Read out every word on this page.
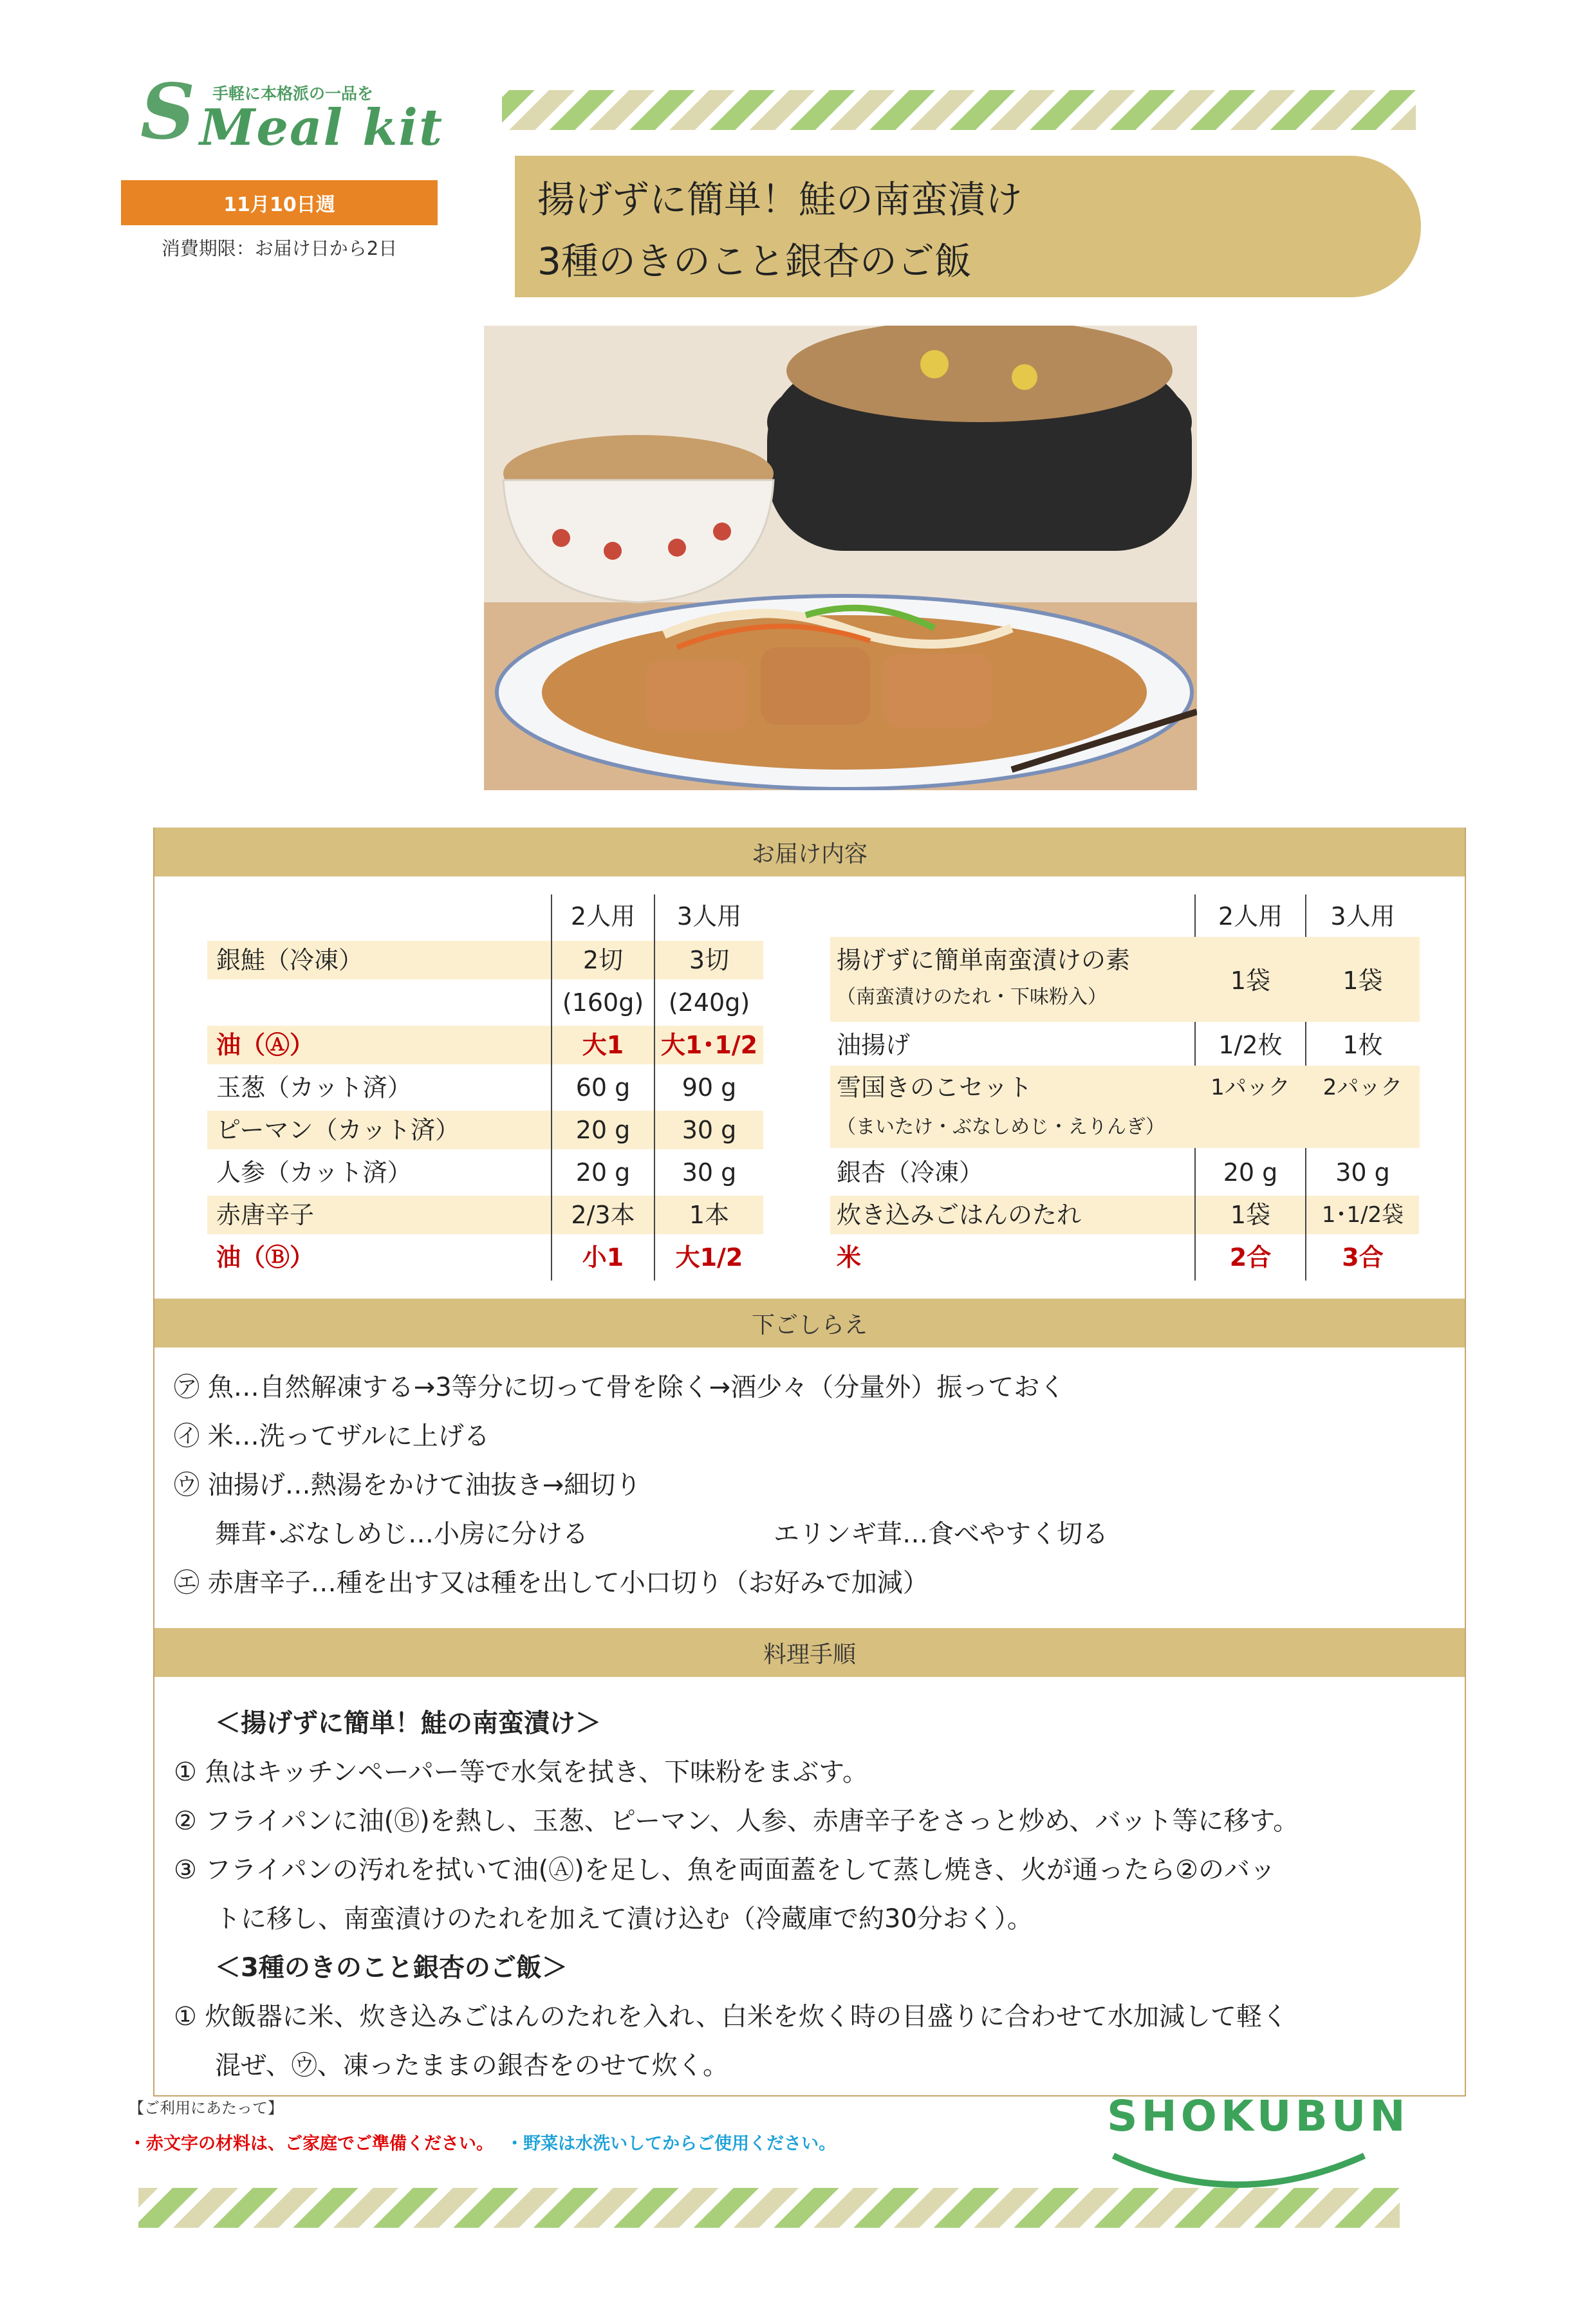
手軽に本格派の一品を
S Meal kit
11月10日週
消費期限：お届け日から2日
揚げずに簡単！鮭の南蛮漬け
3種のきのこと銀杏のご飯
お届け内容
2人用	3人用	2人用	3人用
銀鮭（冷凍）	2切	3切
(160g)	(240g)
油（Ⓐ）	大1	大1･1/2
玉葱（カット済）	60 g	90 g
ピーマン（カット済）	20 g	30 g
人参（カット済）	20 g	30 g
赤唐辛子	2/3本	1本
油（Ⓑ）	小1	大1/2
揚げずに簡単南蛮漬けの素
（南蛮漬けのたれ・下味粉入）
1袋	1袋
油揚げ	1/2枚	1枚
雪国きのこセット
（まいたけ・ぶなしめじ・えりんぎ）
1パック	2パック
銀杏（冷凍）	20 g	30 g
炊き込みごはんのたれ	1袋	1･1/2袋
米	2合	3合
下ごしらえ
㋐ 魚…自然解凍する→3等分に切って骨を除く→酒少々（分量外）振っておく
㋑ 米…洗ってザルに上げる
㋒ 油揚げ…熱湯をかけて油抜き→細切り
舞茸･ぶなしめじ…小房に分ける	エリンギ茸…食べやすく切る
㋓ 赤唐辛子…種を出す又は種を出して小口切り（お好みで加減）
料理手順
＜揚げずに簡単！鮭の南蛮漬け＞
① 魚はキッチンペーパー等で水気を拭き、下味粉をまぶす。
② フライパンに油(Ⓑ)を熱し、玉葱、ピーマン、人参、赤唐辛子をさっと炒め、バット等に移す。
③ フライパンの汚れを拭いて油(Ⓐ)を足し、魚を両面蓋をして蒸し焼き、火が通ったら②のバッ
トに移し、南蛮漬けのたれを加えて漬け込む（冷蔵庫で約30分おく）。
＜3種のきのこと銀杏のご飯＞
① 炊飯器に米、炊き込みごはんのたれを入れ、白米を炊く時の目盛りに合わせて水加減して軽く
混ぜ、㋒、凍ったままの銀杏をのせて炊く。
【ご利用にあたって】
・赤文字の材料は、ご家庭でご準備ください。 ・野菜は水洗いしてからご使用ください。
SHOKUBUN
